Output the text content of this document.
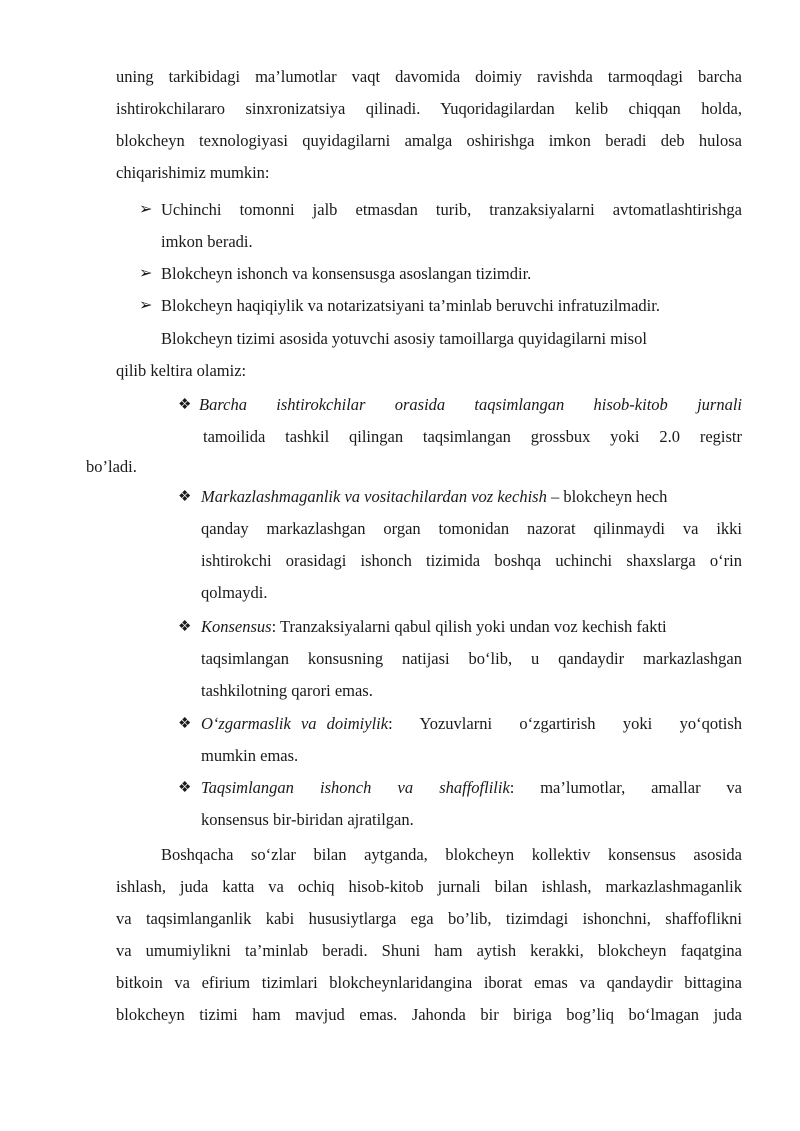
uning tarkibidagi ma’lumotlar vaqt davomida doimiy ravishda tarmoqdagi barcha

ishtirokchilararo sinxronizatsiya qilinadi. Yuqoridagilardan kelib chiqqan holda,

blokcheyn texnologiyasi quyidagilarni amalga oshirishga imkon beradi deb hulosa

chiqarishimiz mumkin:

➢ Uchinchi tomonni jalb etmasdan turib, tranzaksiyalarni avtomatlashtirishga

imkon beradi.

➢ Blokcheyn ishonch va konsensusga asoslangan tizimdir.

➢ Blokcheyn haqiqiylik va notarizatsiyani ta’minlab beruvchi infratuzilmadir.

Blokcheyn tizimi asosida yotuvchi asosiy tamoillarga quyidagilarni misol

qilib keltira olamiz:

❖ Barcha ishtirokchilar orasida taqsimlangan hisob-kitob jurnali

tamoilida tashkil qilingan taqsimlangan grossbux yoki 2.0 registr

bo’ladi.

❖ Markazlashmaganlik va vositachilardan voz kechish – blokcheyn hech

qanday markazlashgan organ tomonidan nazorat qilinmaydi va ikki

ishtirokchi orasidagi ishonch tizimida boshqa uchinchi shaxslarga o‘rin

qolmaydi.

❖ Konsensus: Tranzaksiyalarni qabul qilish yoki undan voz kechish fakti

taqsimlangan konsusning natijasi bo‘lib, u qandaydir markazlashgan

tashkilotning qarori emas.

❖ O‘zgarmaslik va doimiylik : Yozuvlarni o‘zgartirish yoki yo‘qotish

mumkin emas.

❖ Taqsimlangan ishonch va shaffoflilik : ma’lumotlar, amallar va

konsensus bir-biridan ajratilgan.

Boshqacha so‘zlar bilan aytganda, blokcheyn kollektiv konsensus asosida

ishlash, juda katta va ochiq hisob-kitob jurnali bilan ishlash, markazlashmaganlik

va taqsimlanganlik kabi hususiytlarga ega bo’lib, tizimdagi ishonchni, shaffoflikni

va umumiylikni ta’minlab beradi. Shuni ham aytish kerakki, blokcheyn faqatgina

bitkoin va efirium tizimlari blokcheynlaridangina iborat emas va qandaydir bittagina

blokcheyn tizimi ham mavjud emas. Jahonda bir biriga bog’liq bo‘lmagan juda
